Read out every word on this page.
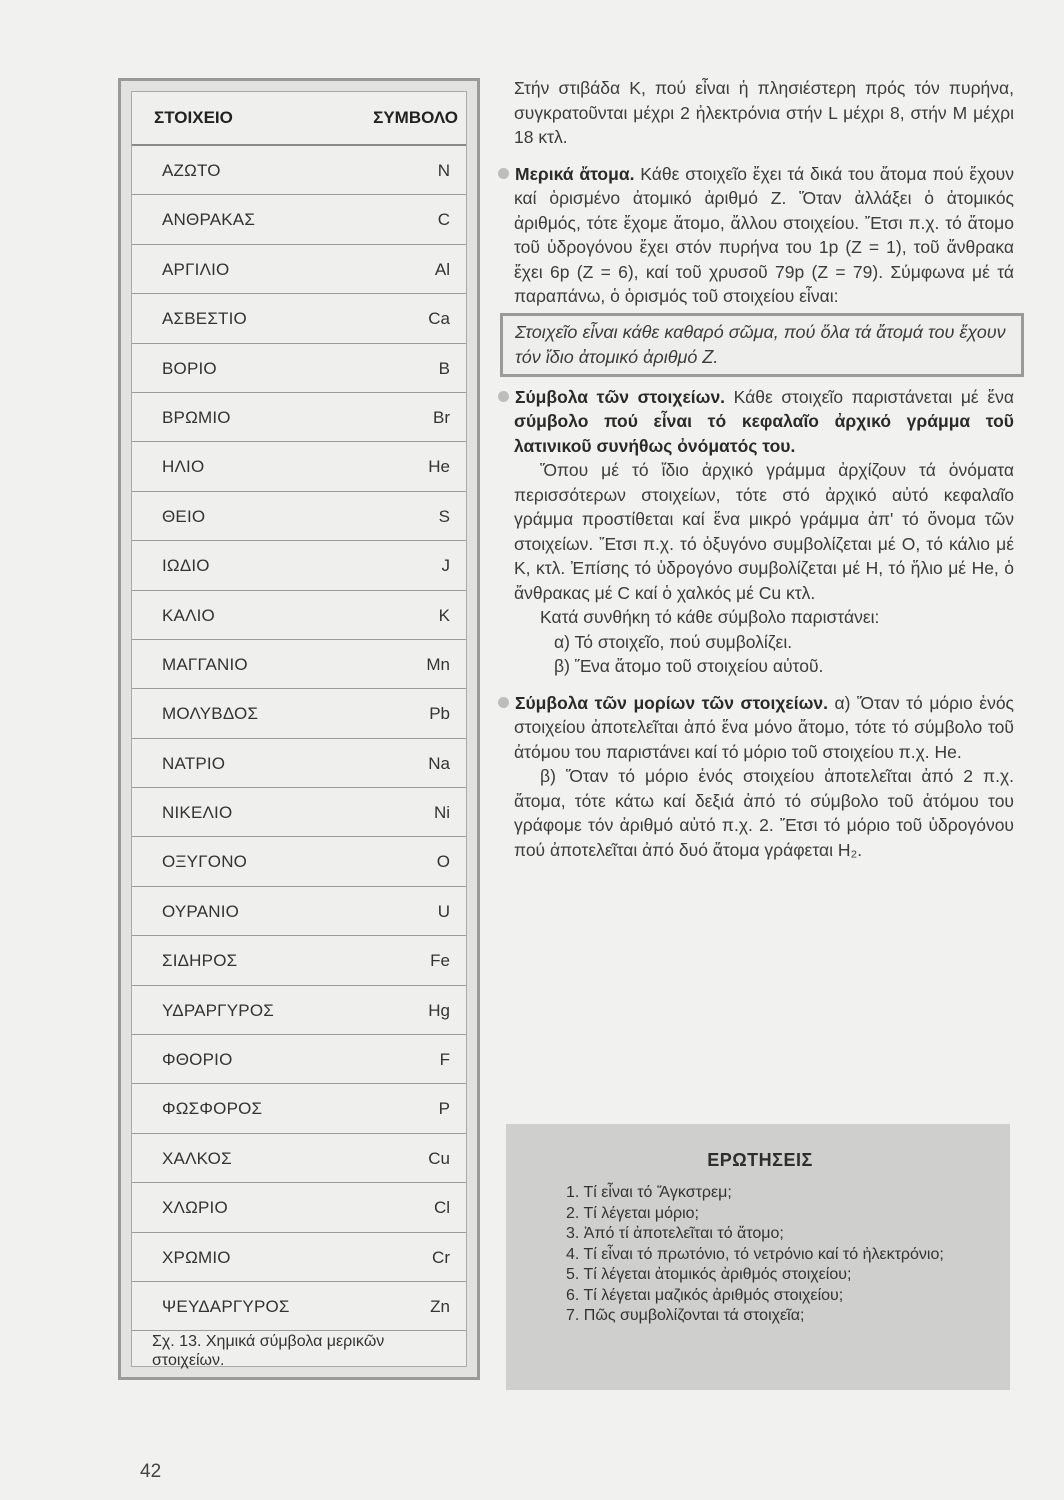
ΣΤΟΙΧΕΙΟ	ΣΥΜΒΟΛΟ
ΑΖΩΤΟ	N
ΑΝΘΡΑΚΑΣ	C
ΑΡΓΙΛΙΟ	Al
ΑΣΒΕΣΤΙΟ	Ca
ΒΟΡΙΟ	B
ΒΡΩΜΙΟ	Br
ΗΛΙΟ	He
ΘΕΙΟ	S
ΙΩΔΙΟ	J
ΚΑΛΙΟ	K
ΜΑΓΓΑΝΙΟ	Mn
ΜΟΛΥΒΔΟΣ	Pb
ΝΑΤΡΙΟ	Na
ΝΙΚΕΛΙΟ	Ni
ΟΞΥΓΟΝΟ	O
ΟΥΡΑΝΙΟ	U
ΣΙΔΗΡΟΣ	Fe
ΥΔΡΑΡΓΥΡΟΣ	Hg
ΦΘΟΡΙΟ	F
ΦΩΣΦΟΡΟΣ	P
ΧΑΛΚΟΣ	Cu
ΧΛΩΡΙΟ	Cl
ΧΡΩΜΙΟ	Cr
ΨΕΥΔΑΡΓΥΡΟΣ	Zn
Σχ. 13. Χημικά σύμβολα μερικῶν στοιχείων.

Στήν στιβάδα K, πού εἶναι ἡ πλησιέστερη πρός τόν πυρήνα, συγκρατοῦνται μέχρι 2 ἠλεκτρόνια στήν L μέχρι 8, στήν M μέχρι 18 κτλ.

Μερικά ἄτομα. Κάθε στοιχεῖο ἔχει τά δικά του ἄτομα πού ἔχουν καί ὁρισμένο ἀτομικό ἀριθμό Z. Ὅταν ἀλλάξει ὁ ἀτομικός ἀριθμός, τότε ἔχομε ἄτομο, ἄλλου στοιχείου. Ἔτσι π.χ. τό ἄτομο τοῦ ὑδρογόνου ἔχει στόν πυρήνα του 1p (Z = 1), τοῦ ἄνθρακα ἔχει 6p (Z = 6), καί τοῦ χρυσοῦ 79p (Z = 79). Σύμφωνα μέ τά παραπάνω, ὁ ὁρισμός τοῦ στοιχείου εἶναι:

Στοιχεῖο εἶναι κάθε καθαρό σῶμα, πού ὅλα τά ἄτομά του ἔχουν τόν ἴδιο ἀτομικό ἀριθμό Z.

Σύμβολα τῶν στοιχείων. Κάθε στοιχεῖο παριστάνεται μέ ἕνα σύμβολο πού εἶναι τό κεφαλαῖο ἀρχικό γράμμα τοῦ λατινικοῦ συνήθως ὀνόματός του.

Ὅπου μέ τό ἴδιο ἀρχικό γράμμα ἀρχίζουν τά ὀνόματα περισσότερων στοιχείων, τότε στό ἀρχικό αὐτό κεφαλαῖο γράμμα προστίθεται καί ἕνα μικρό γράμμα ἀπ' τό ὄνομα τῶν στοιχείων. Ἔτσι π.χ. τό ὀξυγόνο συμβολίζεται μέ O, τό κάλιο μέ K, κτλ. Ἐπίσης τό ὑδρογόνο συμβολίζεται μέ H, τό ἥλιο μέ He, ὁ ἄνθρακας μέ C καί ὁ χαλκός μέ Cu κτλ.

Κατά συνθήκη τό κάθε σύμβολο παριστάνει:

α) Τό στοιχεῖο, πού συμβολίζει.

β) Ἕνα ἄτομο τοῦ στοιχείου αὐτοῦ.

Σύμβολα τῶν μορίων τῶν στοιχείων. α) Ὅταν τό μόριο ἑνός στοιχείου ἀποτελεῖται ἀπό ἕνα μόνο ἄτομο, τότε τό σύμβολο τοῦ ἀτόμου του παριστάνει καί τό μόριο τοῦ στοιχείου π.χ. He.

β) Ὅταν τό μόριο ἑνός στοιχείου ἀποτελεῖται ἀπό 2 π.χ. ἄτομα, τότε κάτω καί δεξιά ἀπό τό σύμβολο τοῦ ἀτόμου του γράφομε τόν ἀριθμό αὐτό π.χ. 2. Ἔτσι τό μόριο τοῦ ὑδρογόνου πού ἀποτελεῖται ἀπό δυό ἄτομα γράφεται H₂.

ΕΡΩΤΗΣΕΙΣ
1. Τί εἶναι τό Ἄγκστρεμ;
2. Τί λέγεται μόριο;
3. Ἀπό τί ἀποτελεῖται τό ἄτομο;
4. Τί εἶναι τό πρωτόνιο, τό νετρόνιο καί τό ἠλεκτρόνιο;
5. Τί λέγεται ἀτομικός ἀριθμός στοιχείου;
6. Τί λέγεται μαζικός ἀριθμός στοιχείου;
7. Πῶς συμβολίζονται τά στοιχεῖα;
42
